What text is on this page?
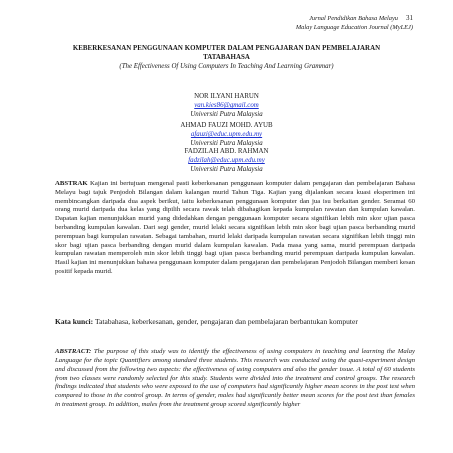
Jurnal Pendidikan Bahasa Melayu 31
Malay Language Education Journal (MyLEJ)
KEBERKESANAN PENGGUNAAN KOMPUTER DALAM PENGAJARAN DAN PEMBELAJARAN TATABAHASA
(The Effectiveness Of Using Computers In Teaching And Learning Grammar)
NOR ILYANI HARUN
van.kies86@gmail.com
Universiti Putra Malaysia
AHMAD FAUZI MOHD. AYUB
afauzi@educ.upm.edu.my
Universiti Putra Malaysia
FADZILAH ABD. RAHMAN
fadzilah@educ.upm.edu.my
Universiti Putra Malaysia
ABSTRAK Kajian ini bertujuan mengenal pasti keberkesanan penggunaan komputer dalam pengajaran dan pembelajaran Bahasa Melayu bagi tajuk Penjodoh Bilangan dalam kalangan murid Tahun Tiga. Kajian yang dijalankan secara kuasi eksperimen ini membincangkan daripada dua aspek berikut, iaitu keberkesanan penggunaan komputer dan jua isu berkaitan gender. Seramai 60 orang murid daripada dua kelas yang dipilih secara rawak telah dibahagikan kepada kumpulan rawatan dan kumpulan kawalan. Dapatan kajian menunjukkan murid yang didedahkan dengan penggunaan komputer secara signifikan lebih min skor ujian pasca berbanding kumpulan kawalan. Dari segi gender, murid lelaki secara signifikan lebih min skor bagi ujian pasca berbanding murid perempuan bagi kumpulan rawatan. Sebagai tambahan, murid lelaki daripada kumpulan rawatan secara signifikan lebih tinggi min skor bagi ujian pasca berbanding dengan murid dalam kumpulan kawalan. Pada masa yang sama, murid perempuan daripada kumpulan rawatan memperoleh min skor lebih tinggi bagi ujian pasca berbanding murid perempuan daripada kumpulan kawalan. Hasil kajian ini menunjukkan bahawa penggunaan komputer dalam pengajaran dan pembelajaran Penjodoh Bilangan memberi kesan positif kepada murid.
Kata kunci: Tatabahasa, keberkesanan, gender, pengajaran dan pembelajaran berbantukan komputer
ABSTRACT: The purpose of this study was to identify the effectiveness of using computers in teaching and learning the Malay Language for the topic Quantifiers among standard three students. This research was conducted using the quasi-experiment design and discussed from the following two aspects: the effectiveness of using computers and also the gender issue. A total of 60 students from two classes were randomly selected for this study. Students were divided into the treatment and control groups. The research findings indicated that students who were exposed to the use of computers had significantly higher mean scores in the post test when compared to those in the control group. In terms of gender, males had significantly better mean scores for the post test than females in treatment group. In addition, males from the treatment group scored significantly higher
